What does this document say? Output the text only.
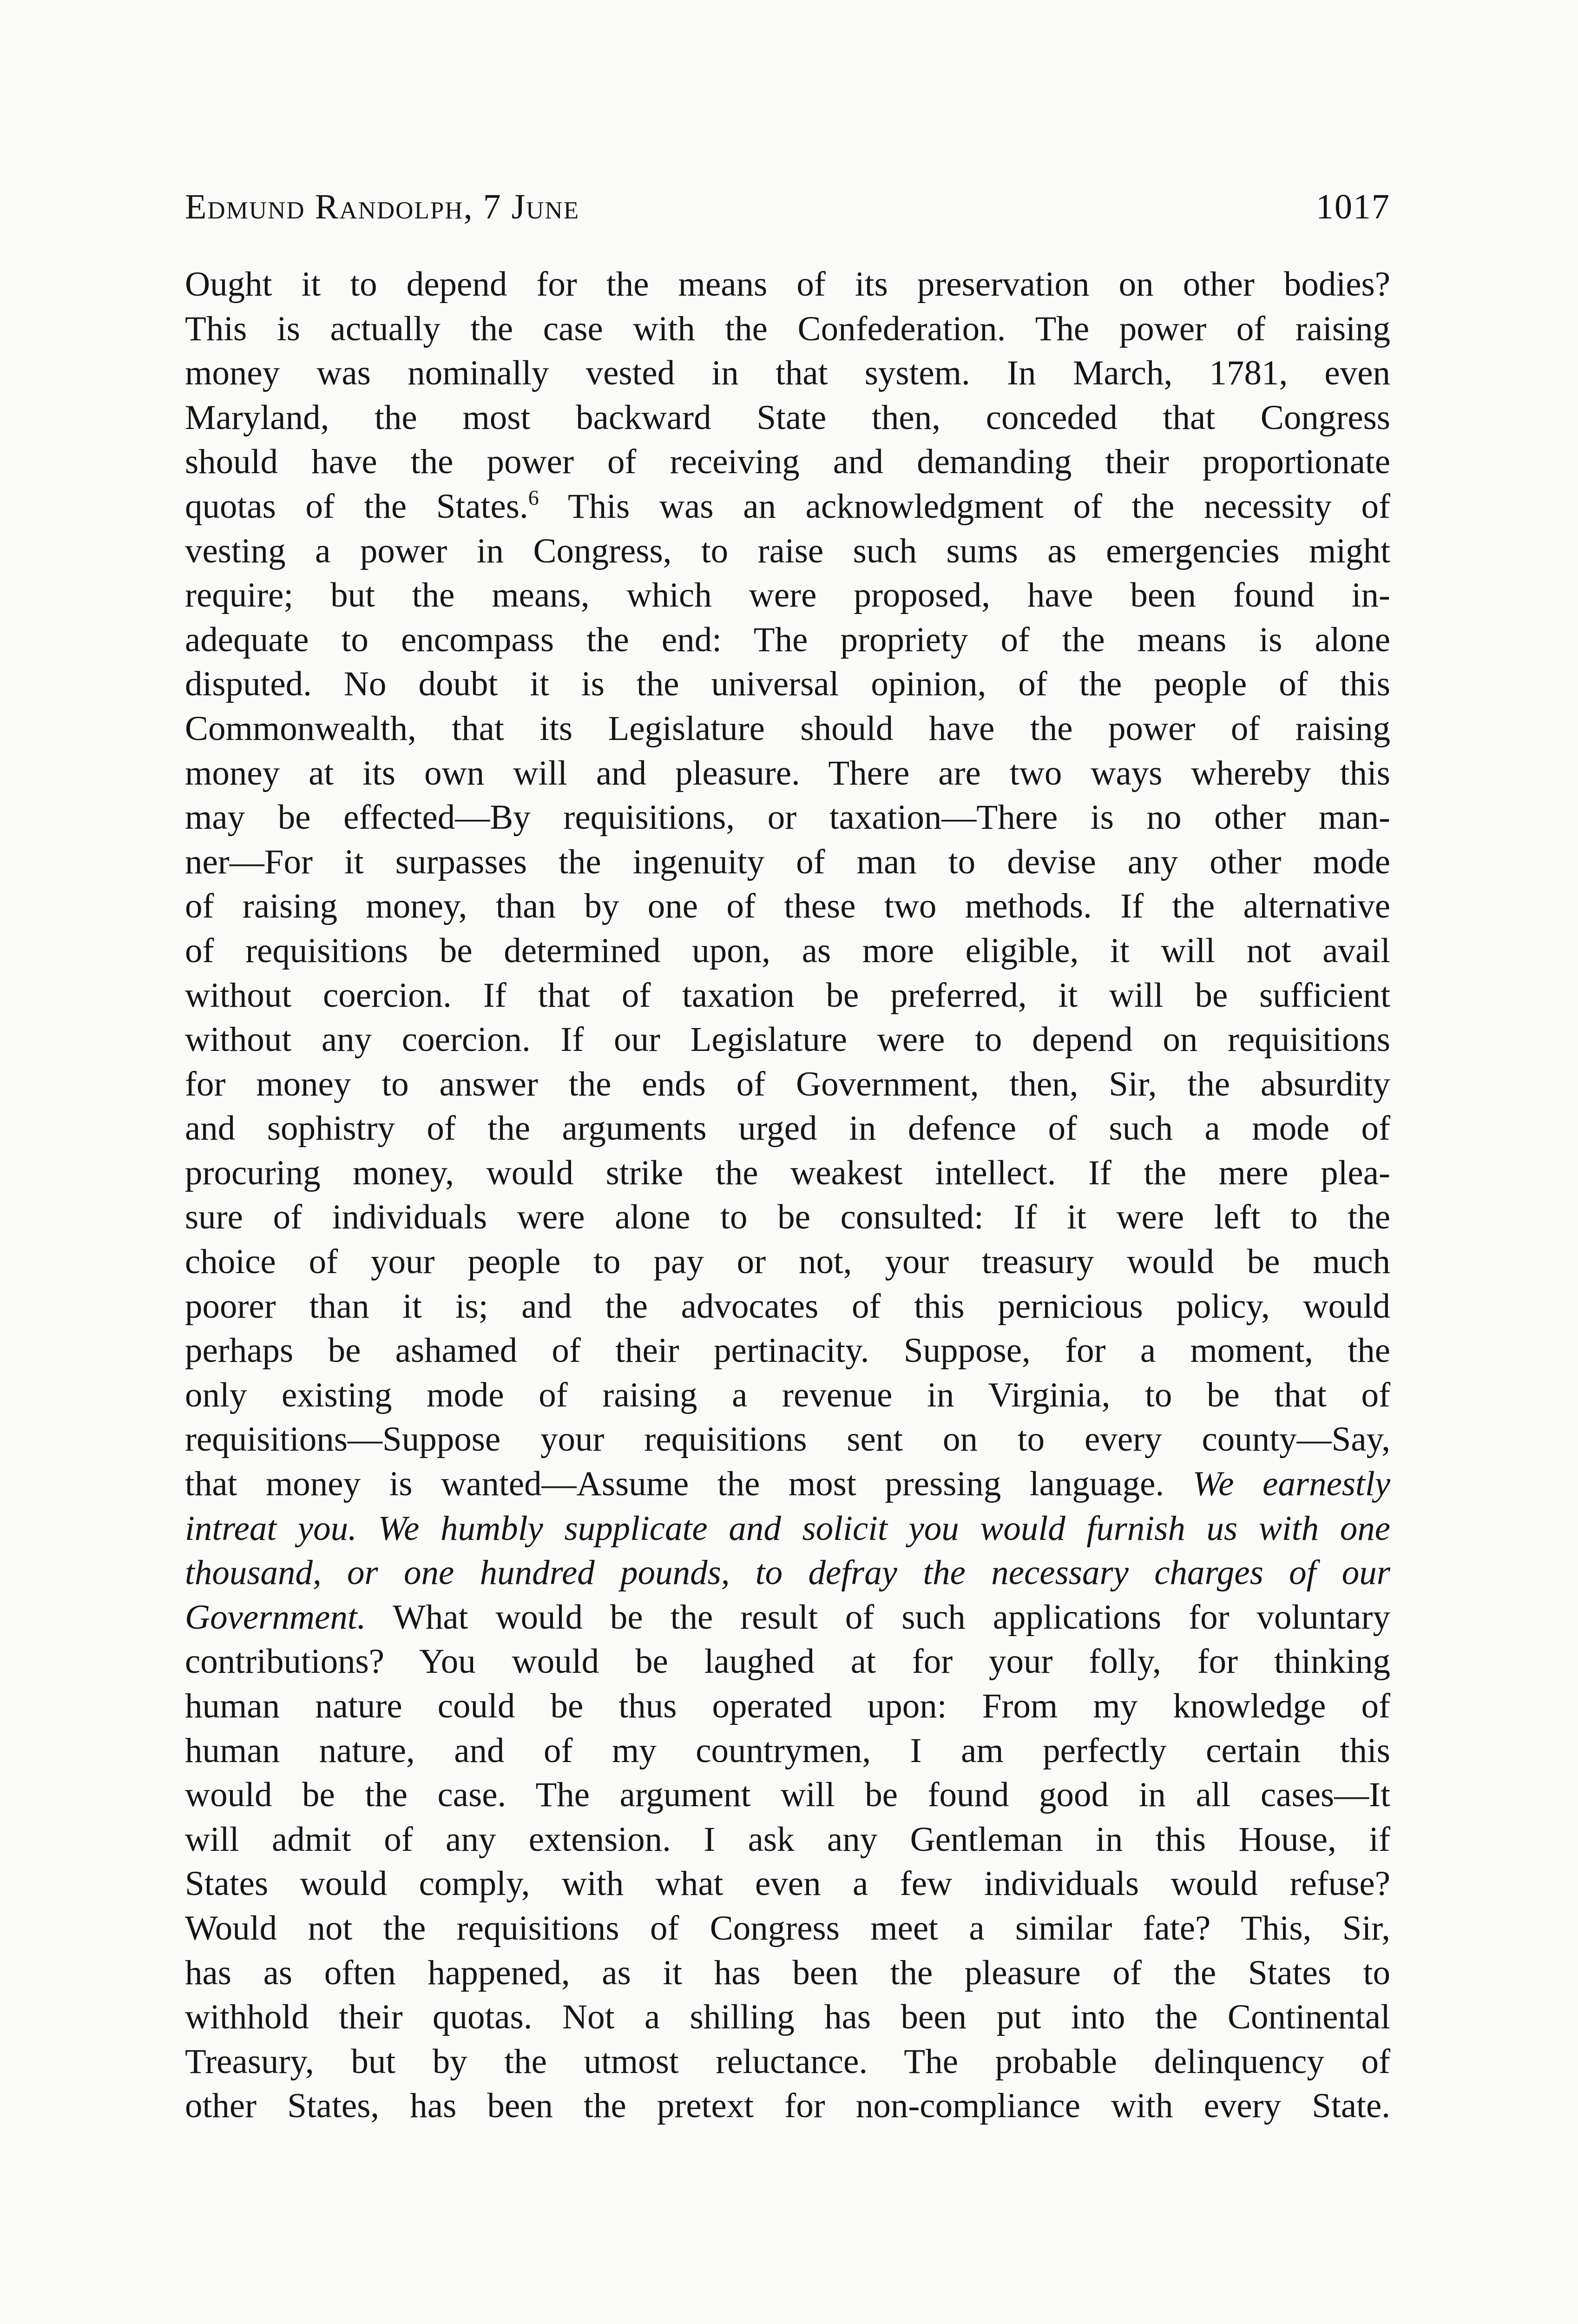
Edmund Randolph, 7 June	1017
Ought it to depend for the means of its preservation on other bodies?
This is actually the case with the Confederation. The power of raising
money was nominally vested in that system. In March, 1781, even
Maryland, the most backward State then, conceded that Congress
should have the power of receiving and demanding their proportionate
quotas of the States.$^6$ This was an acknowledgment of the necessity of
vesting a power in Congress, to raise such sums as emergencies might
require; but the means, which were proposed, have been found in-
adequate to encompass the end: The propriety of the means is alone
disputed. No doubt it is the universal opinion, of the people of this
Commonwealth, that its Legislature should have the power of raising
money at its own will and pleasure. There are two ways whereby this
may be effected—By requisitions, or taxation—There is no other man-
ner—For it surpasses the ingenuity of man to devise any other mode
of raising money, than by one of these two methods. If the alternative
of requisitions be determined upon, as more eligible, it will not avail
without coercion. If that of taxation be preferred, it will be sufficient
without any coercion. If our Legislature were to depend on requisitions
for money to answer the ends of Government, then, Sir, the absurdity
and sophistry of the arguments urged in defence of such a mode of
procuring money, would strike the weakest intellect. If the mere plea-
sure of individuals were alone to be consulted: If it were left to the
choice of your people to pay or not, your treasury would be much
poorer than it is; and the advocates of this pernicious policy, would
perhaps be ashamed of their pertinacity. Suppose, for a moment, the
only existing mode of raising a revenue in Virginia, to be that of
requisitions—Suppose your requisitions sent on to every county—Say,
that money is wanted—Assume the most pressing language. We earnestly
intreat you. We humbly supplicate and solicit you would furnish us with one
thousand, or one hundred pounds, to defray the necessary charges of our
Government. What would be the result of such applications for voluntary
contributions? You would be laughed at for your folly, for thinking
human nature could be thus operated upon: From my knowledge of
human nature, and of my countrymen, I am perfectly certain this
would be the case. The argument will be found good in all cases—It
will admit of any extension. I ask any Gentleman in this House, if
States would comply, with what even a few individuals would refuse?
Would not the requisitions of Congress meet a similar fate? This, Sir,
has as often happened, as it has been the pleasure of the States to
withhold their quotas. Not a shilling has been put into the Continental
Treasury, but by the utmost reluctance. The probable delinquency of
other States, has been the pretext for non-compliance with every State.
